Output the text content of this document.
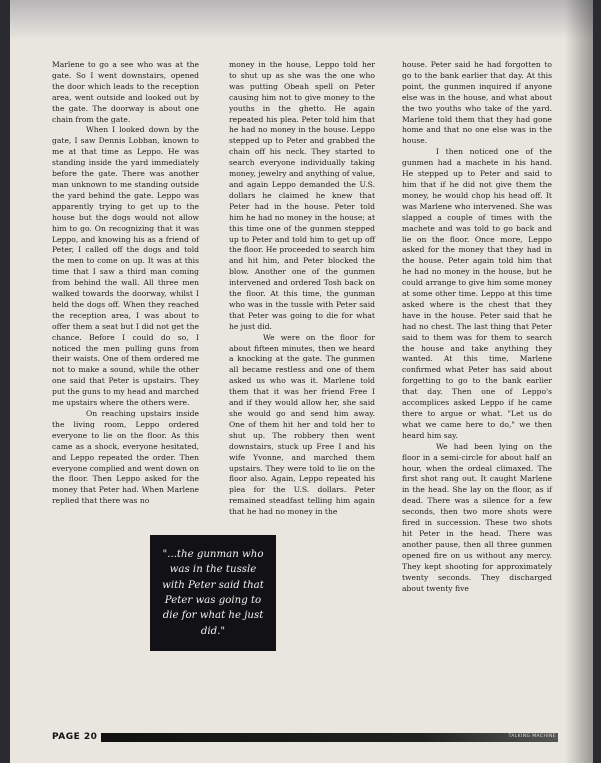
Marlene to go a see who was at the gate. So I went downstairs, opened the door which leads to the reception area, went outside and looked out by the gate. The doorway is about one chain from the gate.

When I looked down by the gate, I saw Dennis Lobban, known to me at that time as Leppo. He was standing inside the yard immediately before the gate. There was another man unknown to me standing outside the yard behind the gate. Leppo was apparently trying to get up to the house but the dogs would not allow him to go. On recognizing that it was Leppo, and knowing his as a friend of Peter, I called off the dogs and told the men to come on up. It was at this time that I saw a third man coming from behind the wall. All three men walked towards the doorway, whilst I held the dogs off. When they reached the reception area, I was about to offer them a seat but I did not get the chance. Before I could do so, I noticed the men pulling guns from their waists. One of them ordered me not to make a sound, while the other one said that Peter is upstairs. They put the guns to my head and marched me upstairs where the others were.

On reaching upstairs inside the living room, Leppo ordered everyone to lie on the floor. As this came as a shock, everyone hesitated, and Leppo repeated the order. Then everyone complied and went down on the floor. Then Leppo asked for the money that Peter had. When Marlene replied that there was no

money in the house, Leppo told her to shut up as she was the one who was putting Obeah spell on Peter causing him not to give money to the youths in the ghetto. He again repeated his plea. Peter told him that he had no money in the house. Leppo stepped up to Peter and grabbed the chain off his neck. They started to search everyone individually taking money, jewelry and anything of value, and again Leppo demanded the U.S. dollars he claimed he knew that Peter had in the house. Peter told him he had no money in the house; at this time one of the gunmen stepped up to Peter and told him to get up off the floor. He proceeded to search him and hit him, and Peter blocked the blow. Another one of the gunmen intervened and ordered Tosh back on the floor. At this time, the gunman who was in the tussle with Peter said that Peter was going to die for what he just did.

We were on the floor for about fifteen minutes, then we heard a knocking at the gate. The gunmen all became restless and one of them asked us who was it. Marlene told them that it was her friend Free I and if they would allow her, she said she would go and send him away. One of them hit her and told her to shut up. The robbery then went downstairs, stuck up Free I and his wife Yvonne, and marched them upstairs. They were told to lie on the floor also. Again, Leppo repeated his plea for the U.S. dollars. Peter remained steadfast telling him again that he had no money in the

house. Peter said he had forgotten to go to the bank earlier that day. At this point, the gunmen inquired if anyone else was in the house, and what about the two youths who take of the yard. Marlene told them that they had gone home and that no one else was in the house.

I then noticed one of the gunmen had a machete in his hand. He stepped up to Peter and said to him that if he did not give them the money, he would chop his head off. It was Marlene who intervened. She was slapped a couple of times with the machete and was told to go back and lie on the floor. Once more, Leppo asked for the money that they had in the house. Peter again told him that he had no money in the house, but he could arrange to give him some money at some other time. Leppo at this time asked where is the chest that they have in the house. Peter said that he had no chest. The last thing that Peter said to them was for them to search the house and take anything they wanted. At this time, Marlene confirmed what Peter has said about forgetting to go to the bank earlier that day. Then one of Leppo's accomplices asked Leppo if he came there to argue or what. "Let us do what we came here to do," we then heard him say.

We had been lying on the floor in a semi-circle for about half an hour, when the ordeal climaxed. The first shot rang out. It caught Marlene in the head. She lay on the floor, as if dead. There was a silence for a few seconds, then two more shots were fired in succession. These two shots hit Peter in the head. There was another pause, then all three gunmen opened fire on us without any mercy. They kept shooting for approximately twenty seconds. They discharged about twenty five

"...the gunman who was in the tussle with Peter said that Peter was going to die for what he just did."
PAGE 20	TALKING MACHINE
